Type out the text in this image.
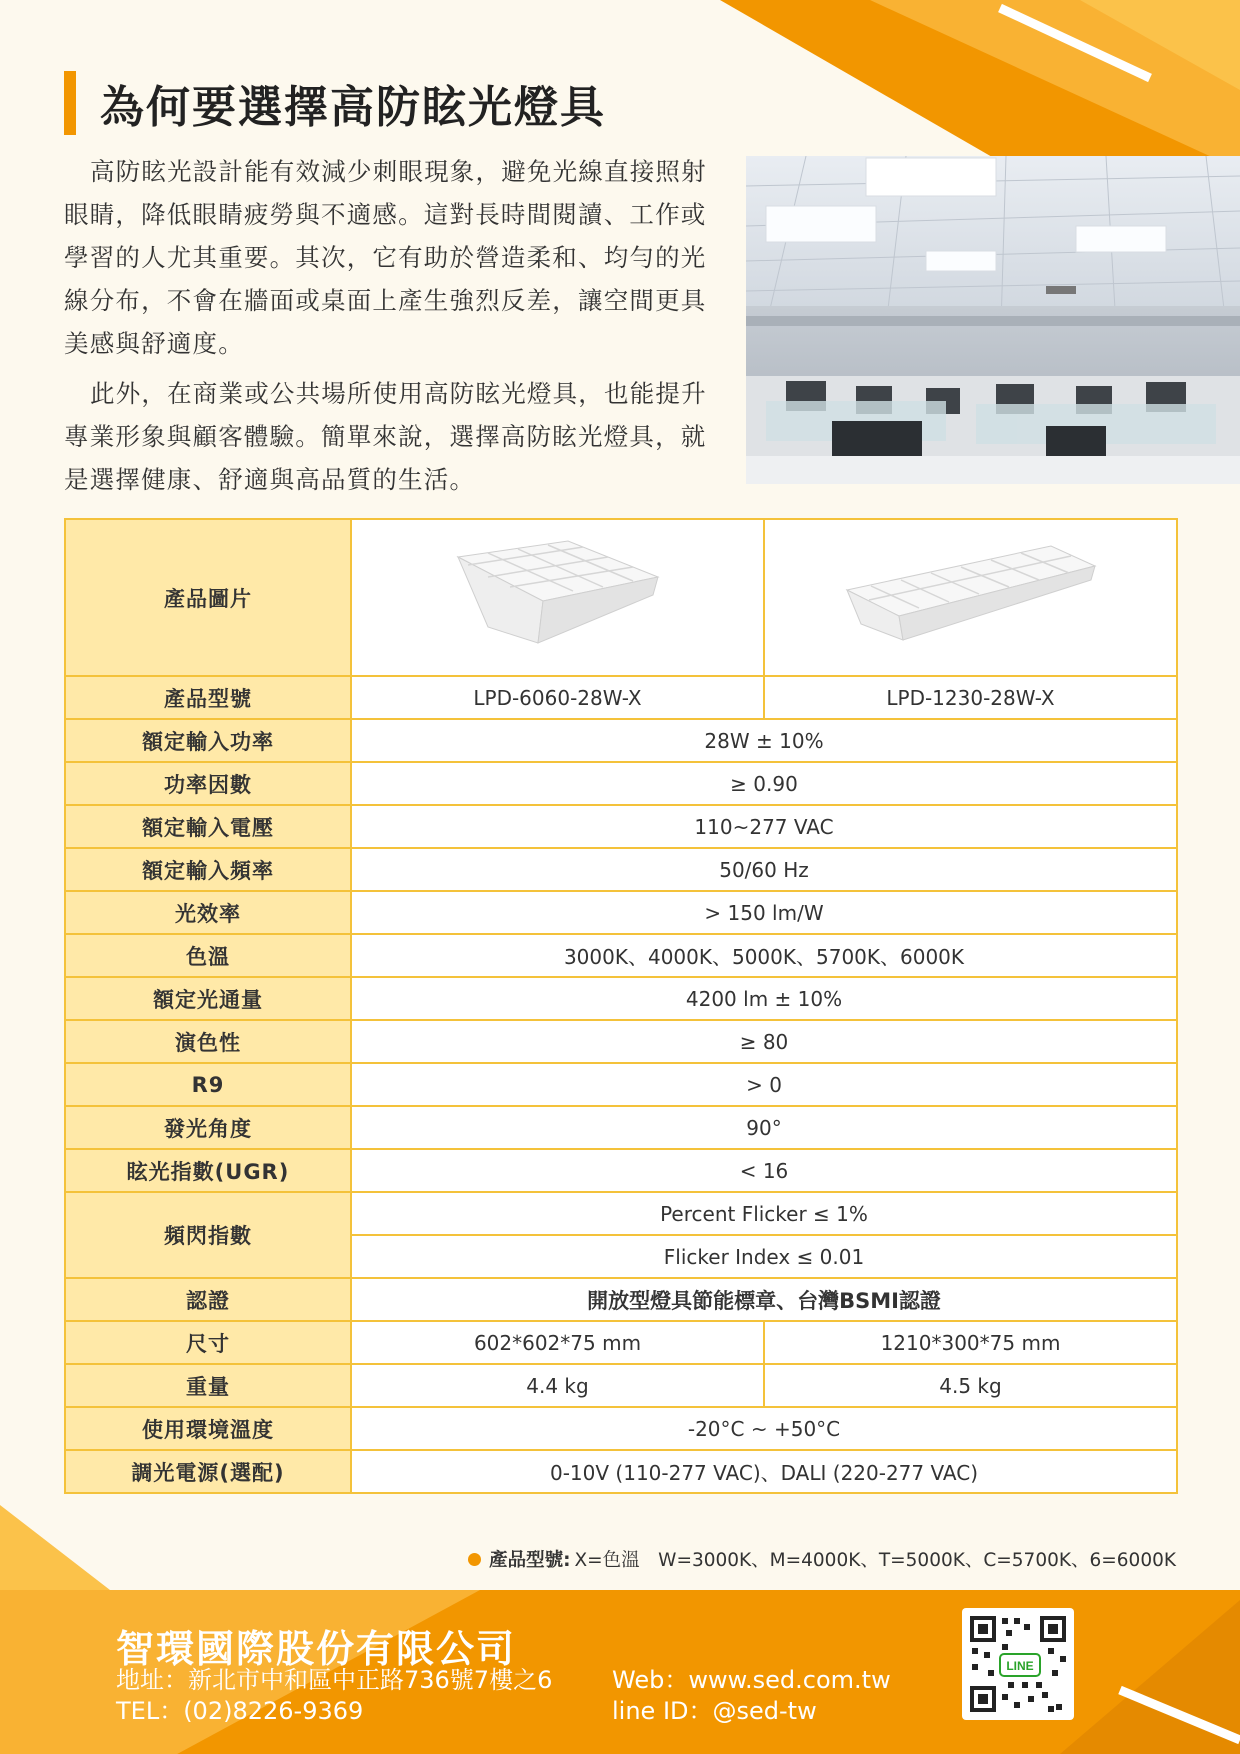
為何要選擇高防眩光燈具
高防眩光設計能有效減少刺眼現象，避免光線直接照射眼睛，降低眼睛疲勞與不適感。這對長時間閱讀、工作或學習的人尤其重要。其次，它有助於營造柔和、均勻的光線分布，不會在牆面或桌面上產生強烈反差，讓空間更具美感與舒適度。
此外，在商業或公共場所使用高防眩光燈具，也能提升專業形象與顧客體驗。簡單來說，選擇高防眩光燈具，就是選擇健康、舒適與高品質的生活。
產品圖片		
產品型號	LPD-6060-28W-X	LPD-1230-28W-X
額定輸入功率	28W ± 10%	
功率因數	≥ 0.90	
額定輸入電壓	110~277 VAC	
額定輸入頻率	50/60 Hz	
光效率	> 150 lm/W	
色溫	3000K、4000K、5000K、5700K、6000K	
額定光通量	4200 lm ± 10%	
演色性	≥ 80	
R9	> 0	
發光角度	90°	
眩光指數(UGR)	< 16	
頻閃指數	Percent Flicker ≤ 1%	
	Flicker Index ≤ 0.01	
認證	開放型燈具節能標章、台灣BSMI認證	
尺寸	602*602*75 mm	1210*300*75 mm
重量	4.4 kg	4.5 kg
使用環境溫度	-20°C ~ +50°C	
調光電源(選配)	0-10V (110-277 VAC)、DALI (220-277 VAC)	
產品型號: X=色溫　W=3000K、M=4000K、T=5000K、C=5700K、6=6000K
智環國際股份有限公司
地址：新北市中和區中正路736號7樓之6
TEL：(02)8226-9369
Web：www.sed.com.tw
line ID：@sed-tw
LINE
